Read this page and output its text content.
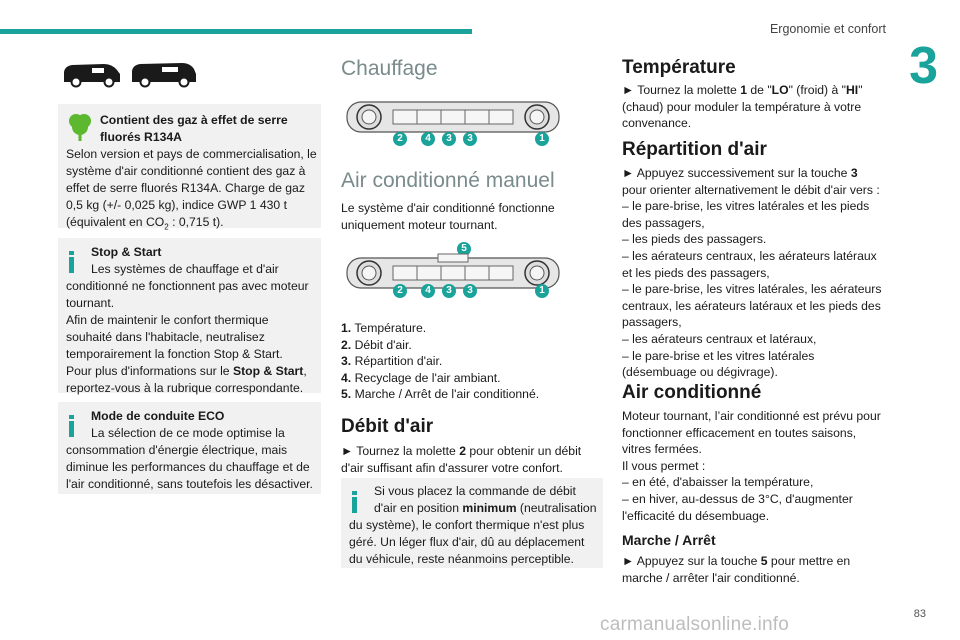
Ergonomie et confort
3
Contient des gaz à effet de serre
fluorés R134A
Selon version et pays de commercialisation, le système d'air conditionné contient des gaz à effet de serre fluorés R134A. Charge de gaz 0,5 kg (+/- 0,025 kg), indice GWP 1 430 t (équivalent en $CO_2$ : 0,715 t).
Stop & Start
Les systèmes de chauffage et d'air

conditionné ne fonctionnent pas avec moteur tournant.

Afin de maintenir le confort thermique souhaité dans l'habitacle, neutralisez temporairement la fonction Stop & Start.

Pour plus d'informations sur le Stop & Start, reportez-vous à la rubrique correspondante.

Mode de conduite ECO
La sélection de ce mode optimise la
consommation d'énergie électrique, mais diminue les performances du chauffage et de l'air conditionné, sans toutefois les désactiver.
Chauffage
2	4	3	3	1
Air conditionné manuel
Le système d'air conditionné fonctionne uniquement moteur tournant.
5
2	4	3	3	1
1. Température.
2. Débit d'air.
3. Répartition d'air.
4. Recyclage de l'air ambiant.
5. Marche / Arrêt de l'air conditionné.
Débit d'air
► Tournez la molette 2 pour obtenir un débit d'air suffisant afin d'assurer votre confort.
Si vous placez la commande de débit
d'air en position minimum (neutralisation
du système), le confort thermique n'est plus géré. Un léger flux d'air, dû au déplacement du véhicule, reste néanmoins perceptible.
Température
► Tournez la molette 1 de "LO" (froid) à "HI" (chaud) pour moduler la température à votre convenance.
Répartition d'air

► Appuyez successivement sur la touche 3 pour orienter alternativement le débit d'air vers :

– le pare-brise, les vitres latérales et les pieds des passagers,

– les pieds des passagers.

– les aérateurs centraux, les aérateurs latéraux et les pieds des passagers,

– le pare-brise, les vitres latérales, les aérateurs centraux, les aérateurs latéraux et les pieds des passagers,

– les aérateurs centraux et latéraux,

– le pare-brise et les vitres latérales (désembuage ou dégivrage).

Air conditionné

Moteur tournant, l’air conditionné est prévu pour fonctionner efficacement en toutes saisons, vitres fermées.

Il vous permet :

– en été, d'abaisser la température,

– en hiver, au-dessus de 3°C, d'augmenter l'efficacité du désembuage.

Marche / Arrêt
► Appuyez sur la touche 5 pour mettre en marche / arrêter l'air conditionné.
83
carmanualsonline.info
